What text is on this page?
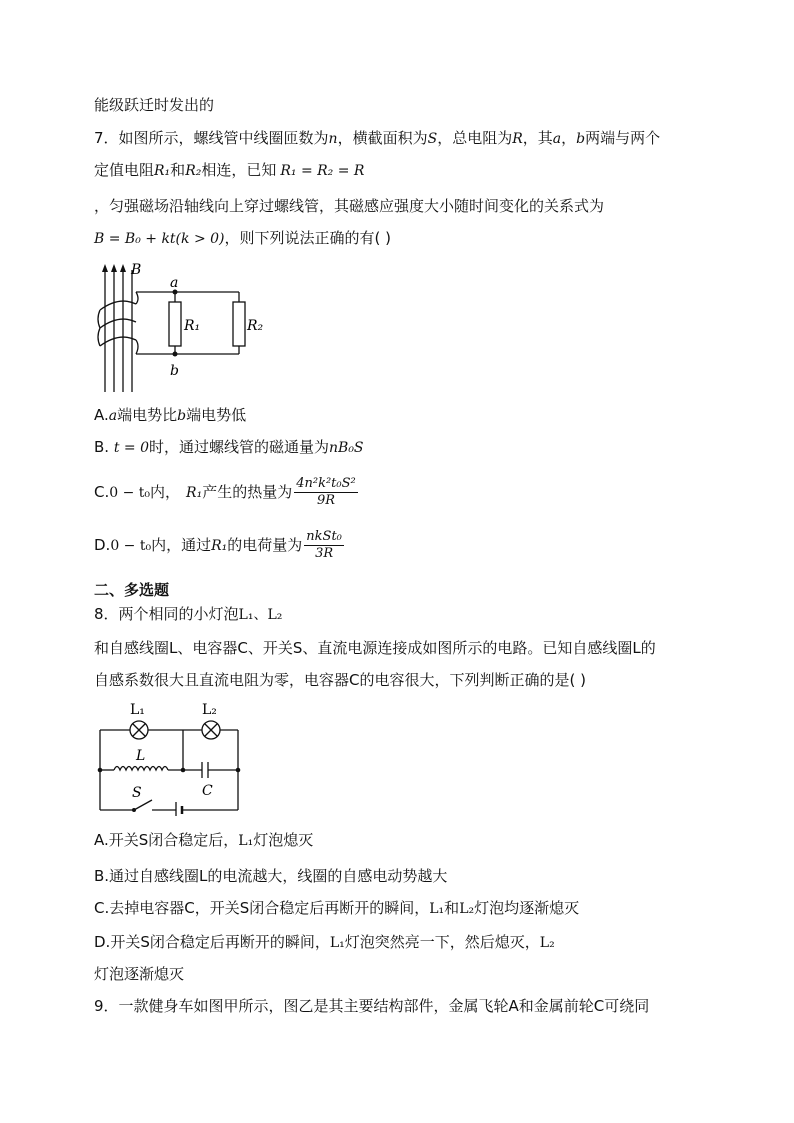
能级跃迁时发出的
7．如图所示，螺线管中线圈匝数为n，横截面积为S，总电阻为R，其a，b两端与两个
定值电阻R₁和R₂相连，已知 R₁ = R₂ = R
，匀强磁场沿轴线向上穿过螺线管，其磁感应强度大小随时间变化的关系式为
B = B₀ + kt(k > 0)，则下列说法正确的有( )
B
a
b
R₁	R₂
A.a端电势比b端电势低
B. t = 0时，通过螺线管的磁通量为nB₀S
C.0 − t₀内， R₁产生的热量为 $\frac{\text{4n²k²t₀S²}}{9R}$
D.0 − t₀内，通过R₁的电荷量为 $\frac{\text{nkSt₀}}{3R}$
二、多选题
8．两个相同的小灯泡L₁、L₂
和自感线圈L、电容器C、开关S、直流电源连接成如图所示的电路。已知自感线圈L的
自感系数很大且直流电阻为零，电容器C的电容很大，下列判断正确的是( )
L₁	L₂
L
C
S
A.开关S闭合稳定后，L₁灯泡熄灭
B.通过自感线圈L的电流越大，线圈的自感电动势越大
C.去掉电容器C，开关S闭合稳定后再断开的瞬间，L₁和L₂灯泡均逐渐熄灭
D.开关S闭合稳定后再断开的瞬间，L₁灯泡突然亮一下，然后熄灭，L₂
灯泡逐渐熄灭
9．一款健身车如图甲所示，图乙是其主要结构部件，金属飞轮A和金属前轮C可绕同
